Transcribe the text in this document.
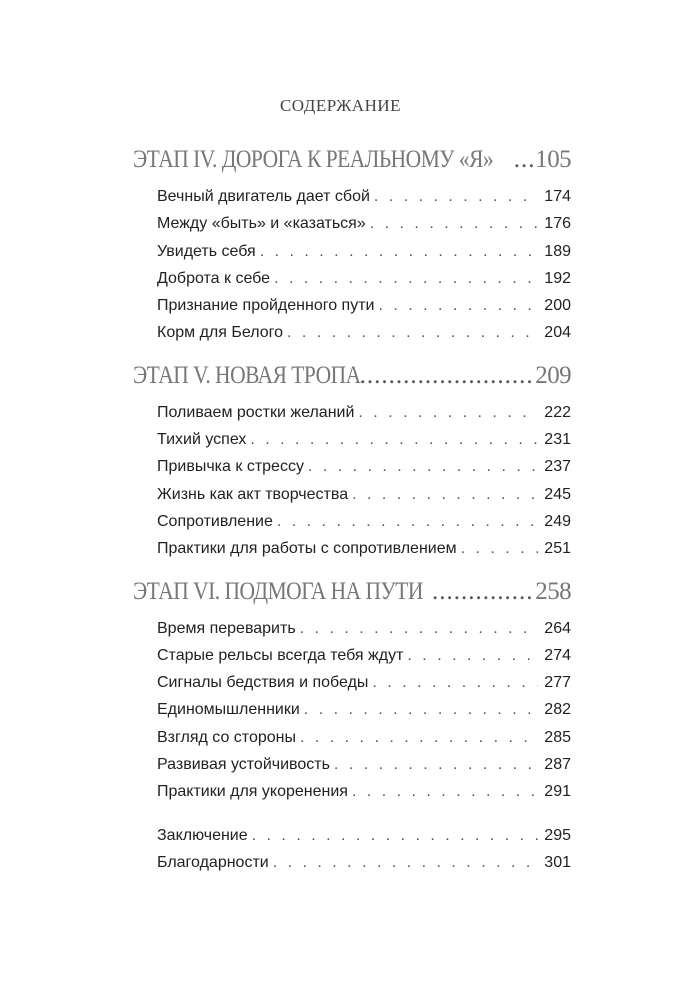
СОДЕРЖАНИЕ
ЭТАП IV. ДОРОГА К РЕАЛЬНОМУ «Я» ..... 105
Вечный двигатель дает сбой . . .	174
Между «быть» и «казаться» . . .	176
Увидеть себя . . .	189
Доброта к себе . . .	192
Признание пройденного пути . . .	200
Корм для Белого . . .	204
ЭТАП V. НОВАЯ ТРОПА .....	209
Поливаем ростки желаний . . .	222
Тихий успех . . .	231
Привычка к стрессу . . .	237
Жизнь как акт творчества . . .	245
Сопротивление . . .	249
Практики для работы с сопротивлением . . .	251
ЭТАП VI. ПОДМОГА НА ПУТИ .....	258
Время переварить . . .	264
Старые рельсы всегда тебя ждут . . .	274
Сигналы бедствия и победы . . .	277
Единомышленники . . .	282
Взгляд со стороны . . .	285
Развивая устойчивость . . .	287
Практики для укоренения . . .	291
Заключение . . .	295
Благодарности . . .	301
